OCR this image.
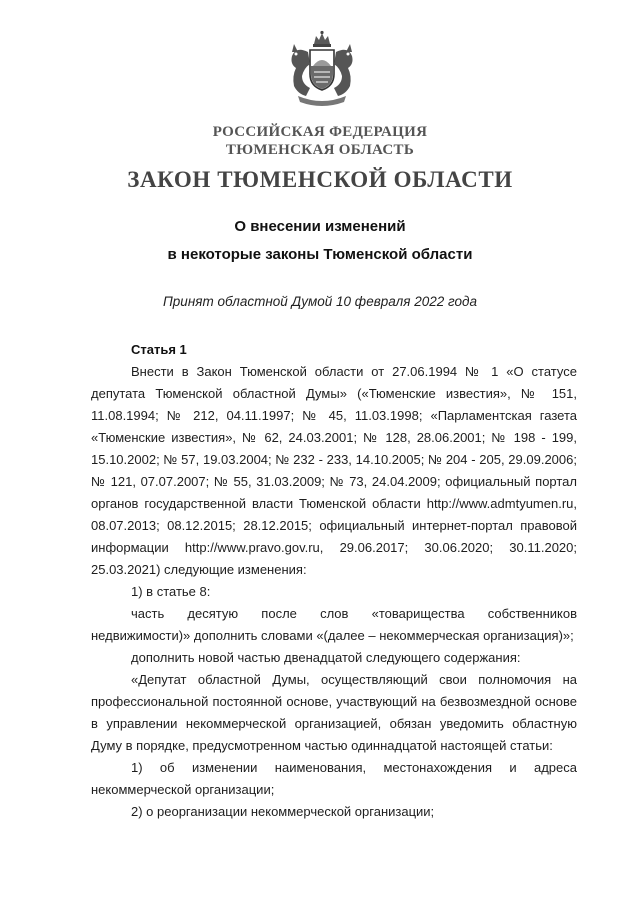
РОССИЙСКАЯ ФЕДЕРАЦИЯ
ТЮМЕНСКАЯ ОБЛАСТЬ
ЗАКОН ТЮМЕНСКОЙ ОБЛАСТИ
О внесении изменений
в некоторые законы Тюменской области
Принят областной Думой 10 февраля 2022 года
Статья 1

Внести в Закон Тюменской области от 27.06.1994 № 1 «О статусе депутата Тюменской областной Думы» («Тюменские известия», № 151, 11.08.1994; № 212, 04.11.1997; № 45, 11.03.1998; «Парламентская газета «Тюменские известия», № 62, 24.03.2001; № 128, 28.06.2001; № 198 - 199, 15.10.2002; № 57, 19.03.2004; № 232 - 233, 14.10.2005; № 204 - 205, 29.09.2006; № 121, 07.07.2007; № 55, 31.03.2009; № 73, 24.04.2009; официальный портал органов государственной власти Тюменской области http://www.admtyumen.ru, 08.07.2013; 08.12.2015; 28.12.2015; официальный интернет-портал правовой информации http://www.pravo.gov.ru, 29.06.2017; 30.06.2020; 30.11.2020; 25.03.2021) следующие изменения:

1) в статье 8:

часть десятую после слов «товарищества собственников недвижимости)» дополнить словами «(далее – некоммерческая организация)»;

дополнить новой частью двенадцатой следующего содержания:

«Депутат областной Думы, осуществляющий свои полномочия на профессиональной постоянной основе, участвующий на безвозмездной основе в управлении некоммерческой организацией, обязан уведомить областную Думу в порядке, предусмотренном частью одиннадцатой настоящей статьи:

1) об изменении наименования, местонахождения и адреса некоммерческой организации;

2) о реорганизации некоммерческой организации;
